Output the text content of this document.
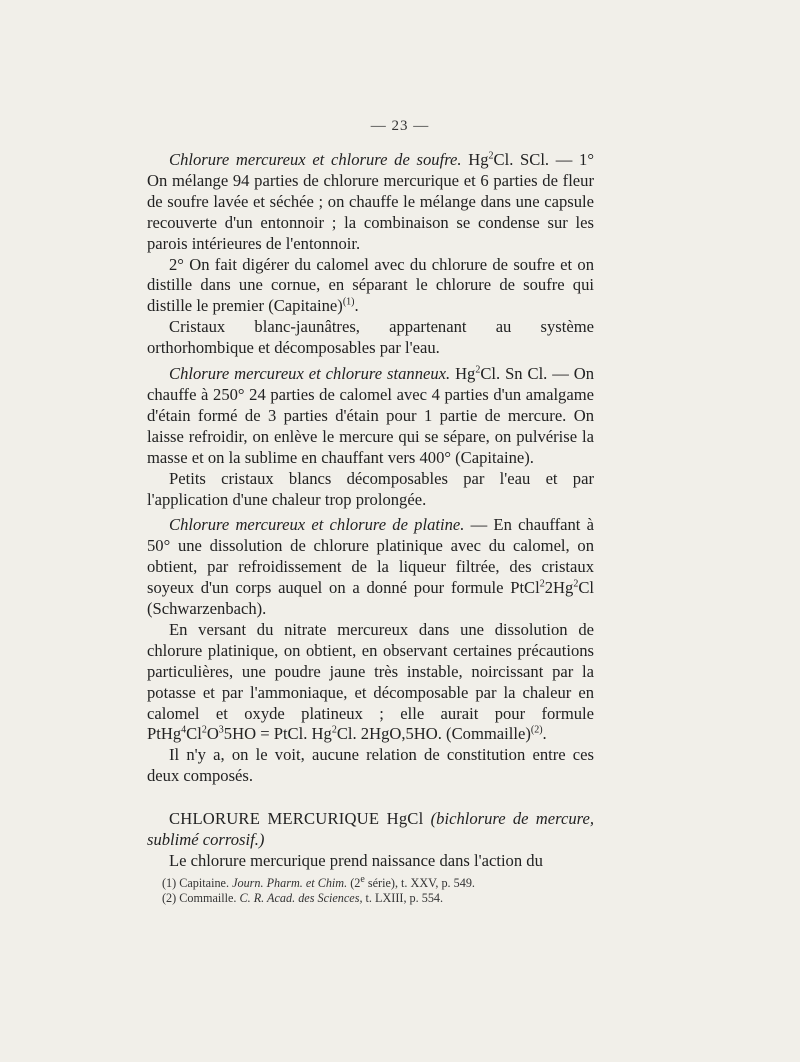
— 23 —

Chlorure mercureux et chlorure de soufre. Hg$^2$Cl. SCl. — 1° On mélange 94 parties de chlorure mercurique et 6 parties de fleur de soufre lavée et séchée ; on chauffe le mélange dans une capsule recouverte d'un entonnoir ; la combinaison se condense sur les parois intérieures de l'entonnoir.

2° On fait digérer du calomel avec du chlorure de soufre et on distille dans une cornue, en séparant le chlorure de soufre qui distille le premier (Capitaine)$^{(1)}$.

Cristaux blanc-jaunâtres, appartenant au système orthorhombique et décomposables par l'eau.

Chlorure mercureux et chlorure stanneux. Hg$^2$Cl. Sn Cl. — On chauffe à 250° 24 parties de calomel avec 4 parties d'un amalgame d'étain formé de 3 parties d'étain pour 1 partie de mercure. On laisse refroidir, on enlève le mercure qui se sépare, on pulvérise la masse et on la sublime en chauffant vers 400° (Capitaine).

Petits cristaux blancs décomposables par l'eau et par l'application d'une chaleur trop prolongée.

Chlorure mercureux et chlorure de platine. — En chauffant à 50° une dissolution de chlorure platinique avec du calomel, on obtient, par refroidissement de la liqueur filtrée, des cristaux soyeux d'un corps auquel on a donné pour formule PtCl$^2$2Hg$^2$Cl (Schwarzenbach).

En versant du nitrate mercureux dans une dissolution de chlorure platinique, on obtient, en observant certaines précautions particulières, une poudre jaune très instable, noircissant par la potasse et par l'ammoniaque, et décomposable par la chaleur en calomel et oxyde platineux ; elle aurait pour formule $PtHg^4Cl^2O^35HO$ = PtCl. Hg$^2$Cl. 2HgO,5HO. (Commaille)$^{(2)}$.

Il n'y a, on le voit, aucune relation de constitution entre ces deux composés.

CHLORURE MERCURIQUE HgCl (bichlorure de mercure, sublimé corrosif.)

Le chlorure mercurique prend naissance dans l'action du

(1) Capitaine. Journ. Pharm. et Chim. (2e série), t. XXV, p. 549.
(2) Commaille. C. R. Acad. des Sciences, t. LXIII, p. 554.
